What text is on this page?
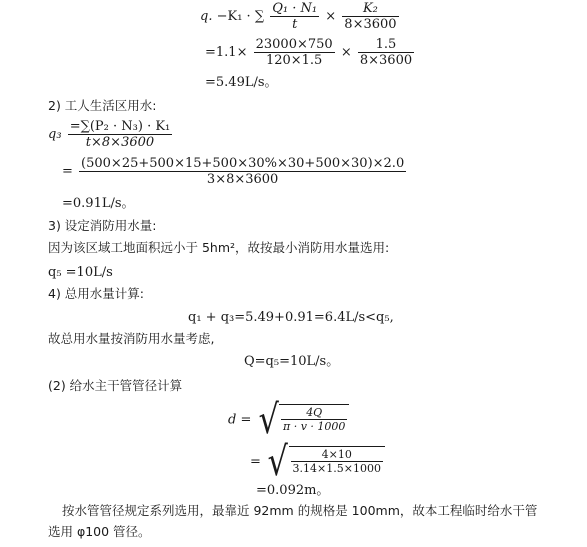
q. −K₁ · ∑ $\frac{\text{Q₁ · N₁}}{t} \times \frac{\text{K₂}}{8\times 3600}$
$=1.1\times \frac{23000\times 750}{120\times 1.5} \times \frac{1.5}{8\times 3600}$
=5.49L/s。
2) 工人生活区用水:
$q_3 \frac{\text{=∑(P₂ · N₃) · K₁}}{t\times 8\times 3600}$
= $\frac{(500\times 25+500\times 15+500\times 30\%\times 30+500\times 30)\times 2.0}{3\times 8\times 3600}$
=0.91L/s。
3) 设定消防用水量:
因为该区域工地面积远小于 5hm²，故按最小消防用水量选用:
q₅ =10L/s
4) 总用水量计算:
q₁ + q₃=5.49+0.91=6.4L/s<q₅,
故总用水量按消防用水量考虑,
Q=q₅=10L/s。
(2) 给水主干管管径计算
d = √ $\frac{4Q}{\pi \cdot v \cdot 1000}$
= √ $\frac{4\times 10}{3.14\times 1.5\times 1000}$
=0.092m。
按水管管径规定系列选用，最靠近 92mm 的规格是 100mm，故本工程临时给水干管
选用 φ100 管径。
